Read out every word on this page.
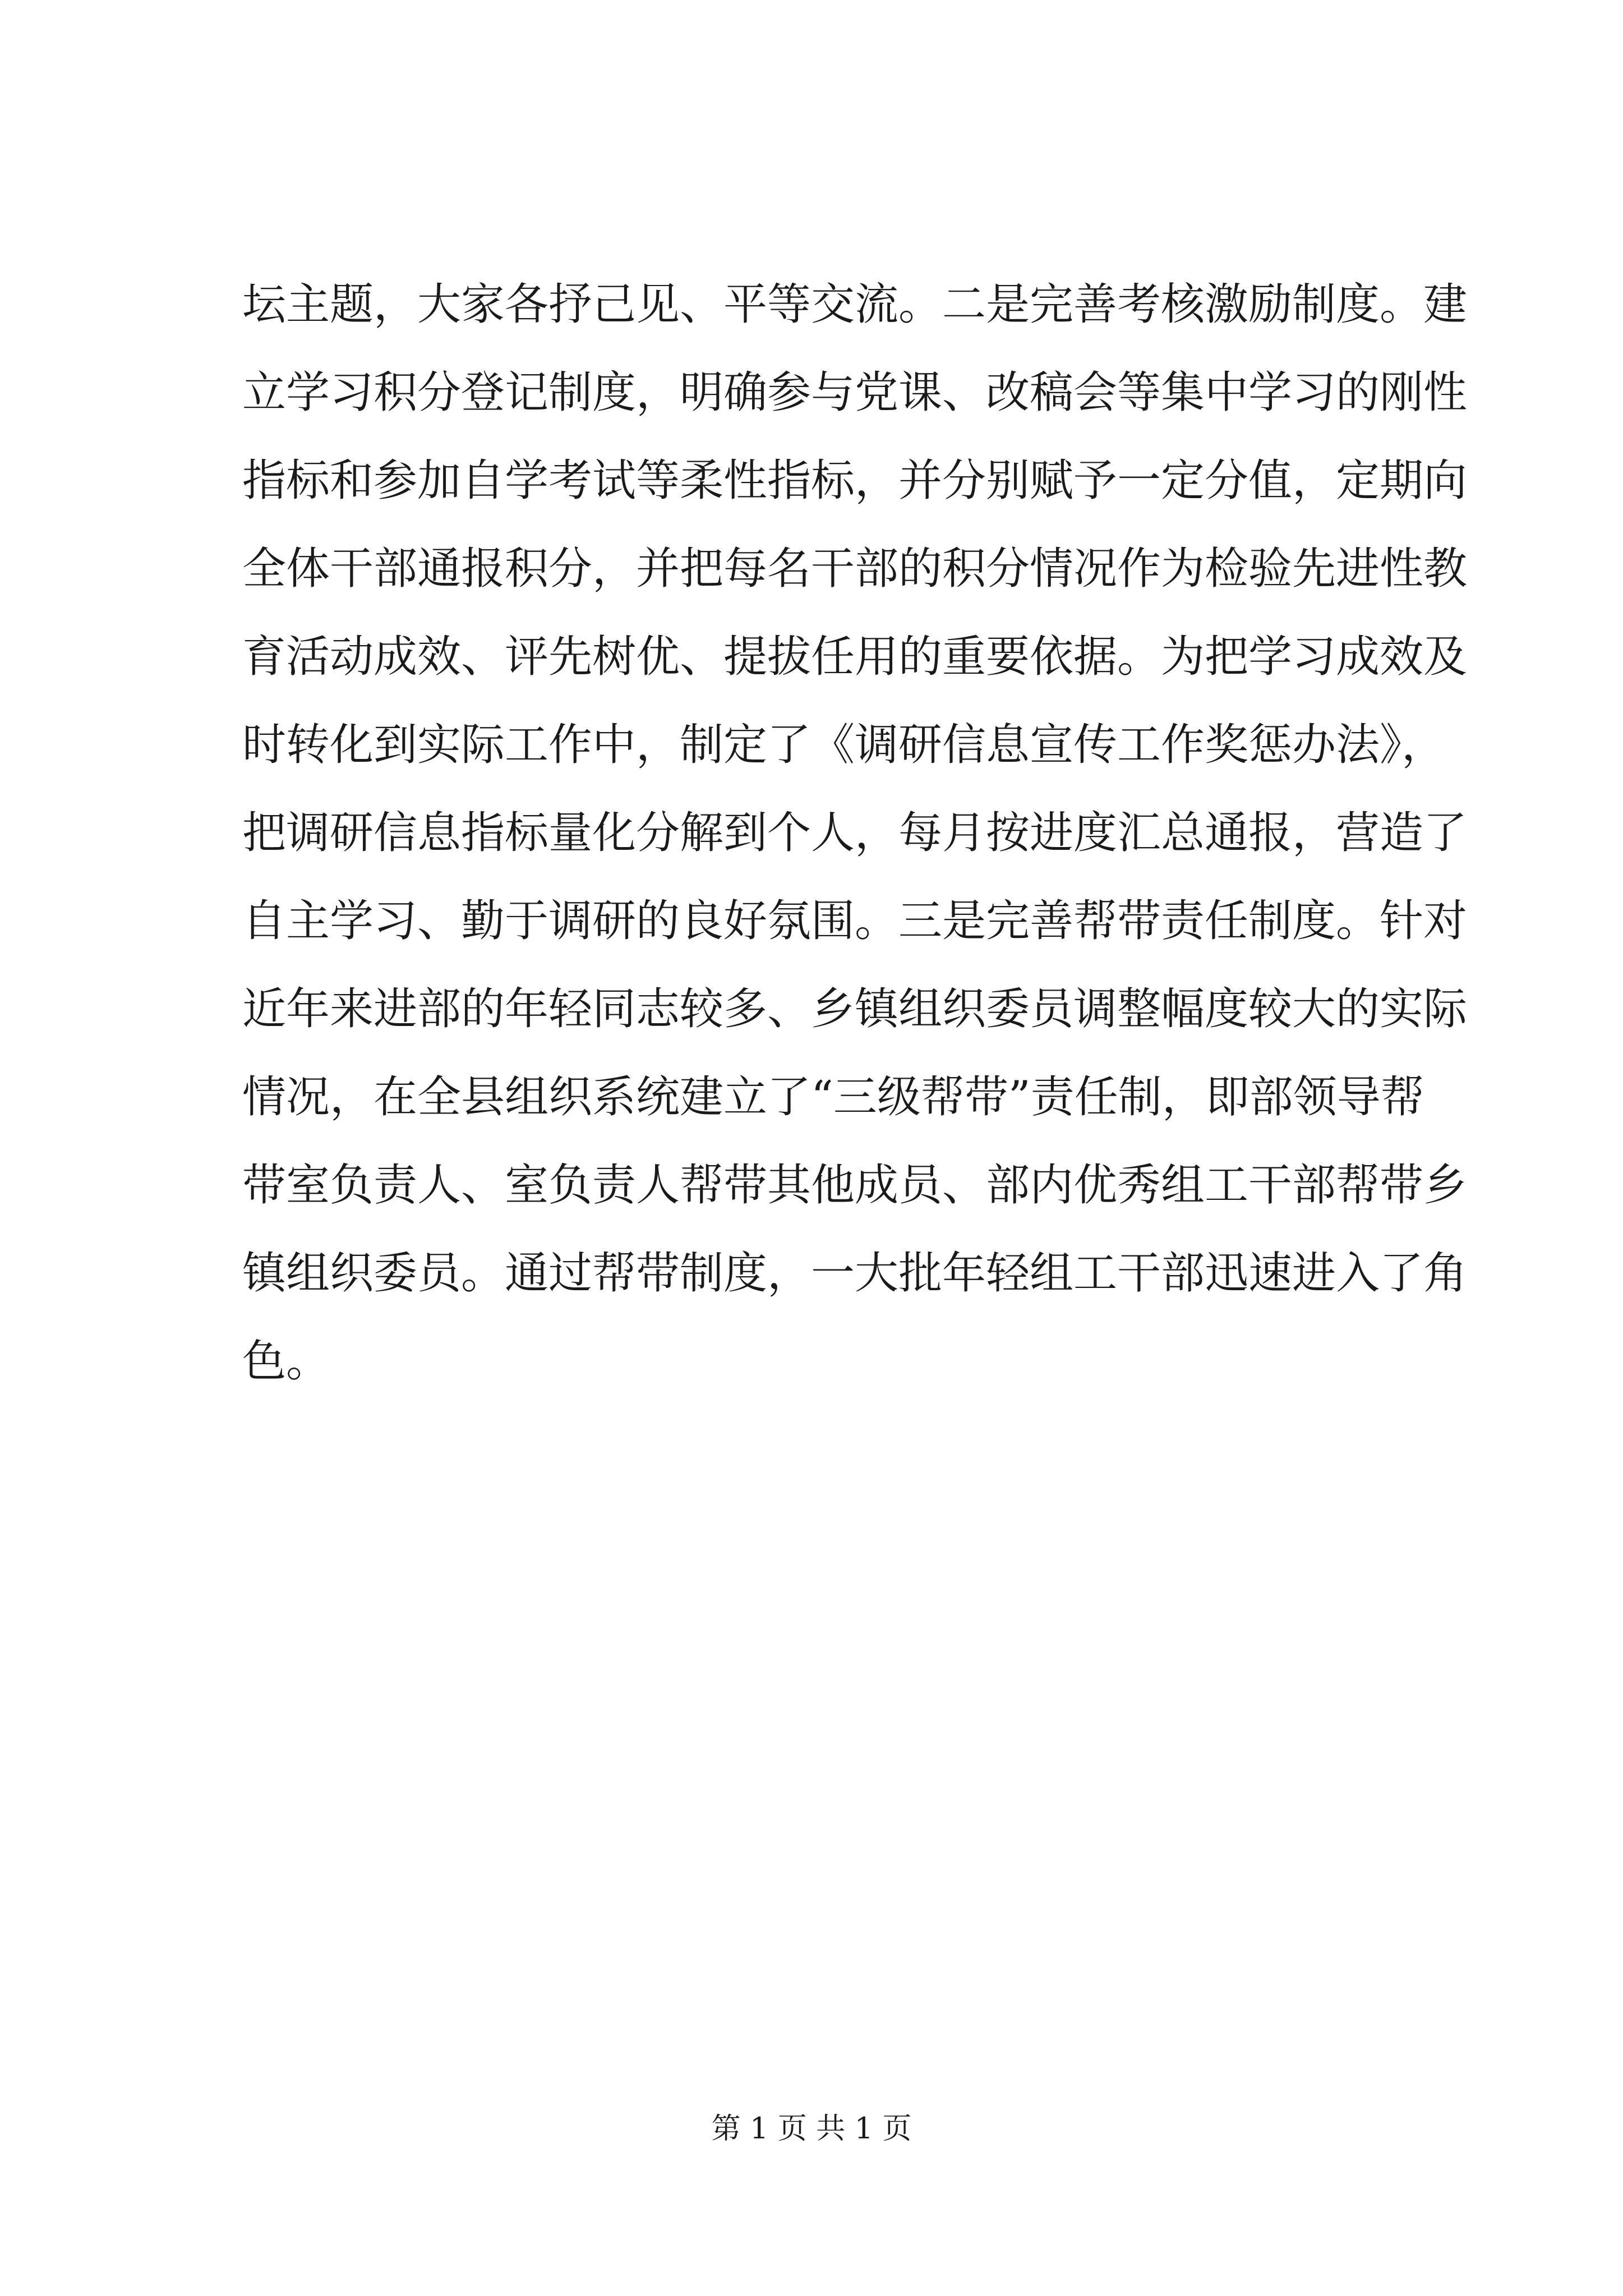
坛主题，大家各抒己见、平等交流。二是完善考核激励制度。建
立学习积分登记制度，明确参与党课、改稿会等集中学习的刚性
指标和参加自学考试等柔性指标，并分别赋予一定分值，定期向
全体干部通报积分，并把每名干部的积分情况作为检验先进性教
育活动成效、评先树优、提拔任用的重要依据。为把学习成效及
时转化到实际工作中，制定了《调研信息宣传工作奖惩办法》，
把调研信息指标量化分解到个人，每月按进度汇总通报，营造了
自主学习、勤于调研的良好氛围。三是完善帮带责任制度。针对
近年来进部的年轻同志较多、乡镇组织委员调整幅度较大的实际
情况，在全县组织系统建立了“三级帮带”责任制，即部领导帮
带室负责人、室负责人帮带其他成员、部内优秀组工干部帮带乡
镇组织委员。通过帮带制度，一大批年轻组工干部迅速进入了角
色。
第 1 页 共 1 页
